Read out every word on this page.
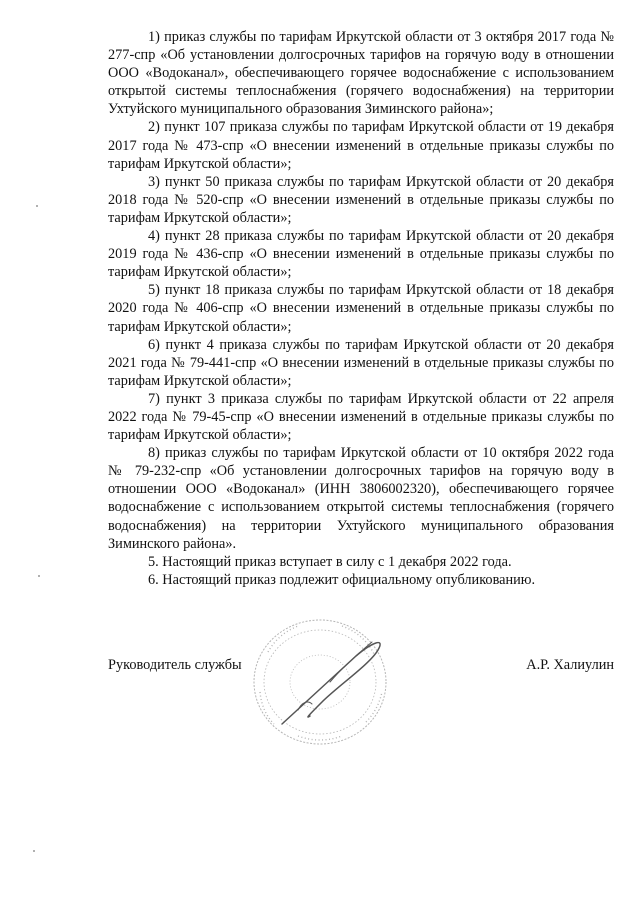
1) приказ службы по тарифам Иркутской области от 3 октября 2017 года № 277-спр «Об установлении долгосрочных тарифов на горячую воду в отношении ООО «Водоканал», обеспечивающего горячее водоснабжение с использованием открытой системы теплоснабжения (горячего водоснабжения) на территории Ухтуйского муниципального образования Зиминского района»;

2) пункт 107 приказа службы по тарифам Иркутской области от 19 декабря 2017 года № 473-спр «О внесении изменений в отдельные приказы службы по тарифам Иркутской области»;

3) пункт 50 приказа службы по тарифам Иркутской области от 20 декабря 2018 года № 520-спр «О внесении изменений в отдельные приказы службы по тарифам Иркутской области»;

4) пункт 28 приказа службы по тарифам Иркутской области от 20 декабря 2019 года № 436-спр «О внесении изменений в отдельные приказы службы по тарифам Иркутской области»;

5) пункт 18 приказа службы по тарифам Иркутской области от 18 декабря 2020 года № 406-спр «О внесении изменений в отдельные приказы службы по тарифам Иркутской области»;

6) пункт 4 приказа службы по тарифам Иркутской области от 20 декабря 2021 года № 79-441-спр «О внесении изменений в отдельные приказы службы по тарифам Иркутской области»;

7) пункт 3 приказа службы по тарифам Иркутской области от 22 апреля 2022 года № 79-45-спр «О внесении изменений в отдельные приказы службы по тарифам Иркутской области»;

8) приказ службы по тарифам Иркутской области от 10 октября 2022 года № 79-232-спр «Об установлении долгосрочных тарифов на горячую воду в отношении ООО «Водоканал» (ИНН 3806002320), обеспечивающего горячее водоснабжение с использованием открытой системы теплоснабжения (горячего водоснабжения) на территории Ухтуйского муниципального образования Зиминского района».

5. Настоящий приказ вступает в силу с 1 декабря 2022 года.

6. Настоящий приказ подлежит официальному опубликованию.

Руководитель службы	А.Р. Халиулин
